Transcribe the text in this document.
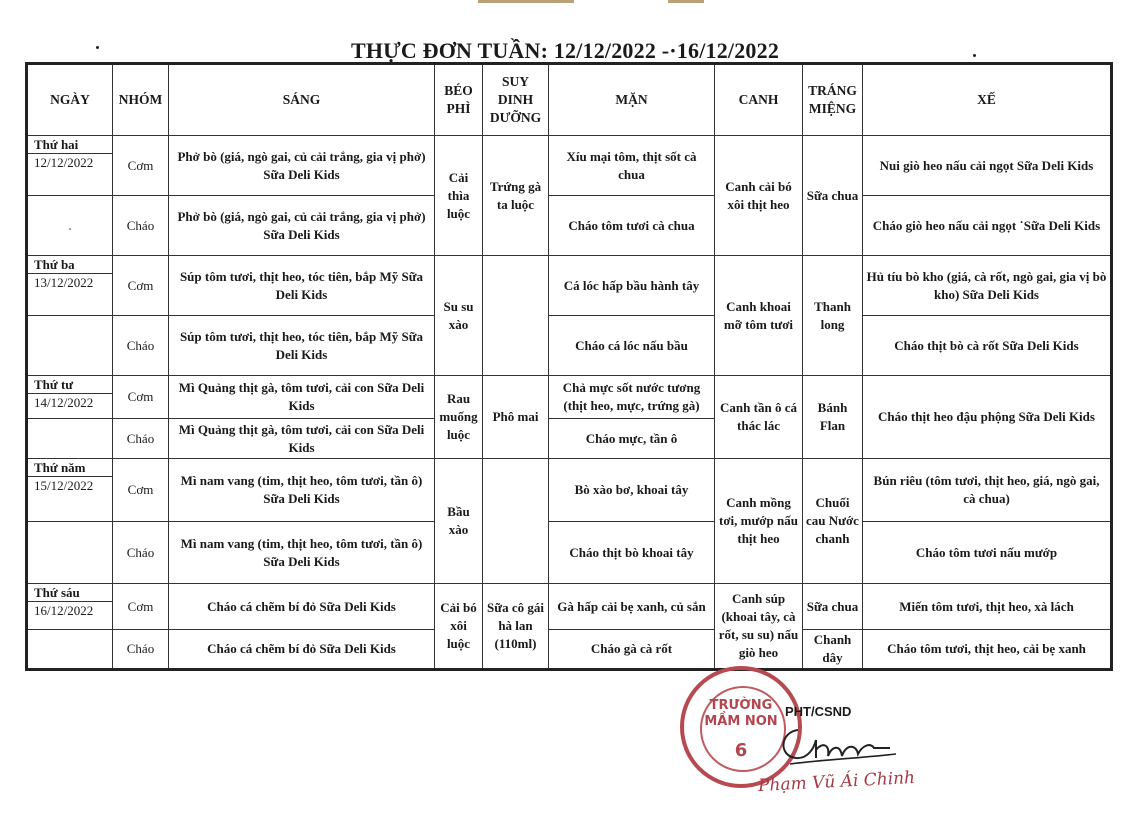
THỰC ĐƠN TUẦN: 12/12/2022 -·16/12/2022
NGÀY	NHÓM	SÁNG	BÉO PHÌ	SUY DINH DƯỠNG	MẶN	CANH	TRÁNG MIỆNG	XẾ

Thứ hai
12/12/2022	Cơm	Phở bò (giá, ngò gai, củ cải trắng, gia vị phở) Sữa Deli Kids	Cải thìa luộc	Trứng gà ta luộc	Xíu mại tôm, thịt sốt cà chua	Canh cải bó xôi thịt heo	Sữa chua	Nui giò heo nấu cải ngọt Sữa Deli Kids
.	Cháo	Phở bò (giá, ngò gai, củ cải trắng, gia vị phở) Sữa Deli Kids			Cháo tôm tươi cà chua			Cháo giò heo nấu cải ngọt ˙Sữa Deli Kids

Thứ ba
13/12/2022	Cơm	Súp tôm tươi, thịt heo, tóc tiên, bắp Mỹ Sữa Deli Kids	Su su xào		Cá lóc hấp bầu hành tây	Canh khoai mỡ tôm tươi	Thanh long	Hủ tíu bò kho (giá, cà rốt, ngò gai, gia vị bò kho) Sữa Deli Kids
	Cháo	Súp tôm tươi, thịt heo, tóc tiên, bắp Mỹ Sữa Deli Kids			Cháo cá lóc nấu bầu			Cháo thịt bò cà rốt Sữa Deli Kids

Thứ tư
14/12/2022	Cơm	Mì Quảng thịt gà, tôm tươi, cải con Sữa Deli Kids	Rau muống luộc	Phô mai	Chả mực sốt nước tương (thịt heo, mực, trứng gà)	Canh tần ô cá thác lác	Bánh Flan	Cháo thịt heo đậu phộng Sữa Deli Kids
	Cháo	Mì Quảng thịt gà, tôm tươi, cải con Sữa Deli Kids			Cháo mực, tần ô			

Thứ năm
15/12/2022	Cơm	Mì nam vang (tim, thịt heo, tôm tươi, tần ô) Sữa Deli Kids	Bầu xào		Bò xào bơ, khoai tây	Canh mồng tơi, mướp nấu thịt heo	Chuối cau Nước chanh	Bún riêu (tôm tươi, thịt heo, giá, ngò gai, cà chua)
	Cháo	Mì nam vang (tim, thịt heo, tôm tươi, tần ô) Sữa Deli Kids			Cháo thịt bò khoai tây			Cháo tôm tươi nấu mướp

Thứ sáu
16/12/2022	Cơm	Cháo cá chẽm bí đỏ Sữa Deli Kids	Cải bó xôi luộc	Sữa cô gái hà lan (110ml)	Gà hấp cải bẹ xanh, củ sắn	Canh súp (khoai tây, cà rốt, su su) nấu giò heo	Sữa chua	Miến tôm tươi, thịt heo, xà lách
	Cháo	Cháo cá chẽm bí đỏ Sữa Deli Kids			Cháo gà cà rốt		Chanh dây	Cháo tôm tươi, thịt heo, cải bẹ xanh
TRƯỜNG
MẦM NON
6
PHT/CSND
Phạm Vũ Ái Chinh
